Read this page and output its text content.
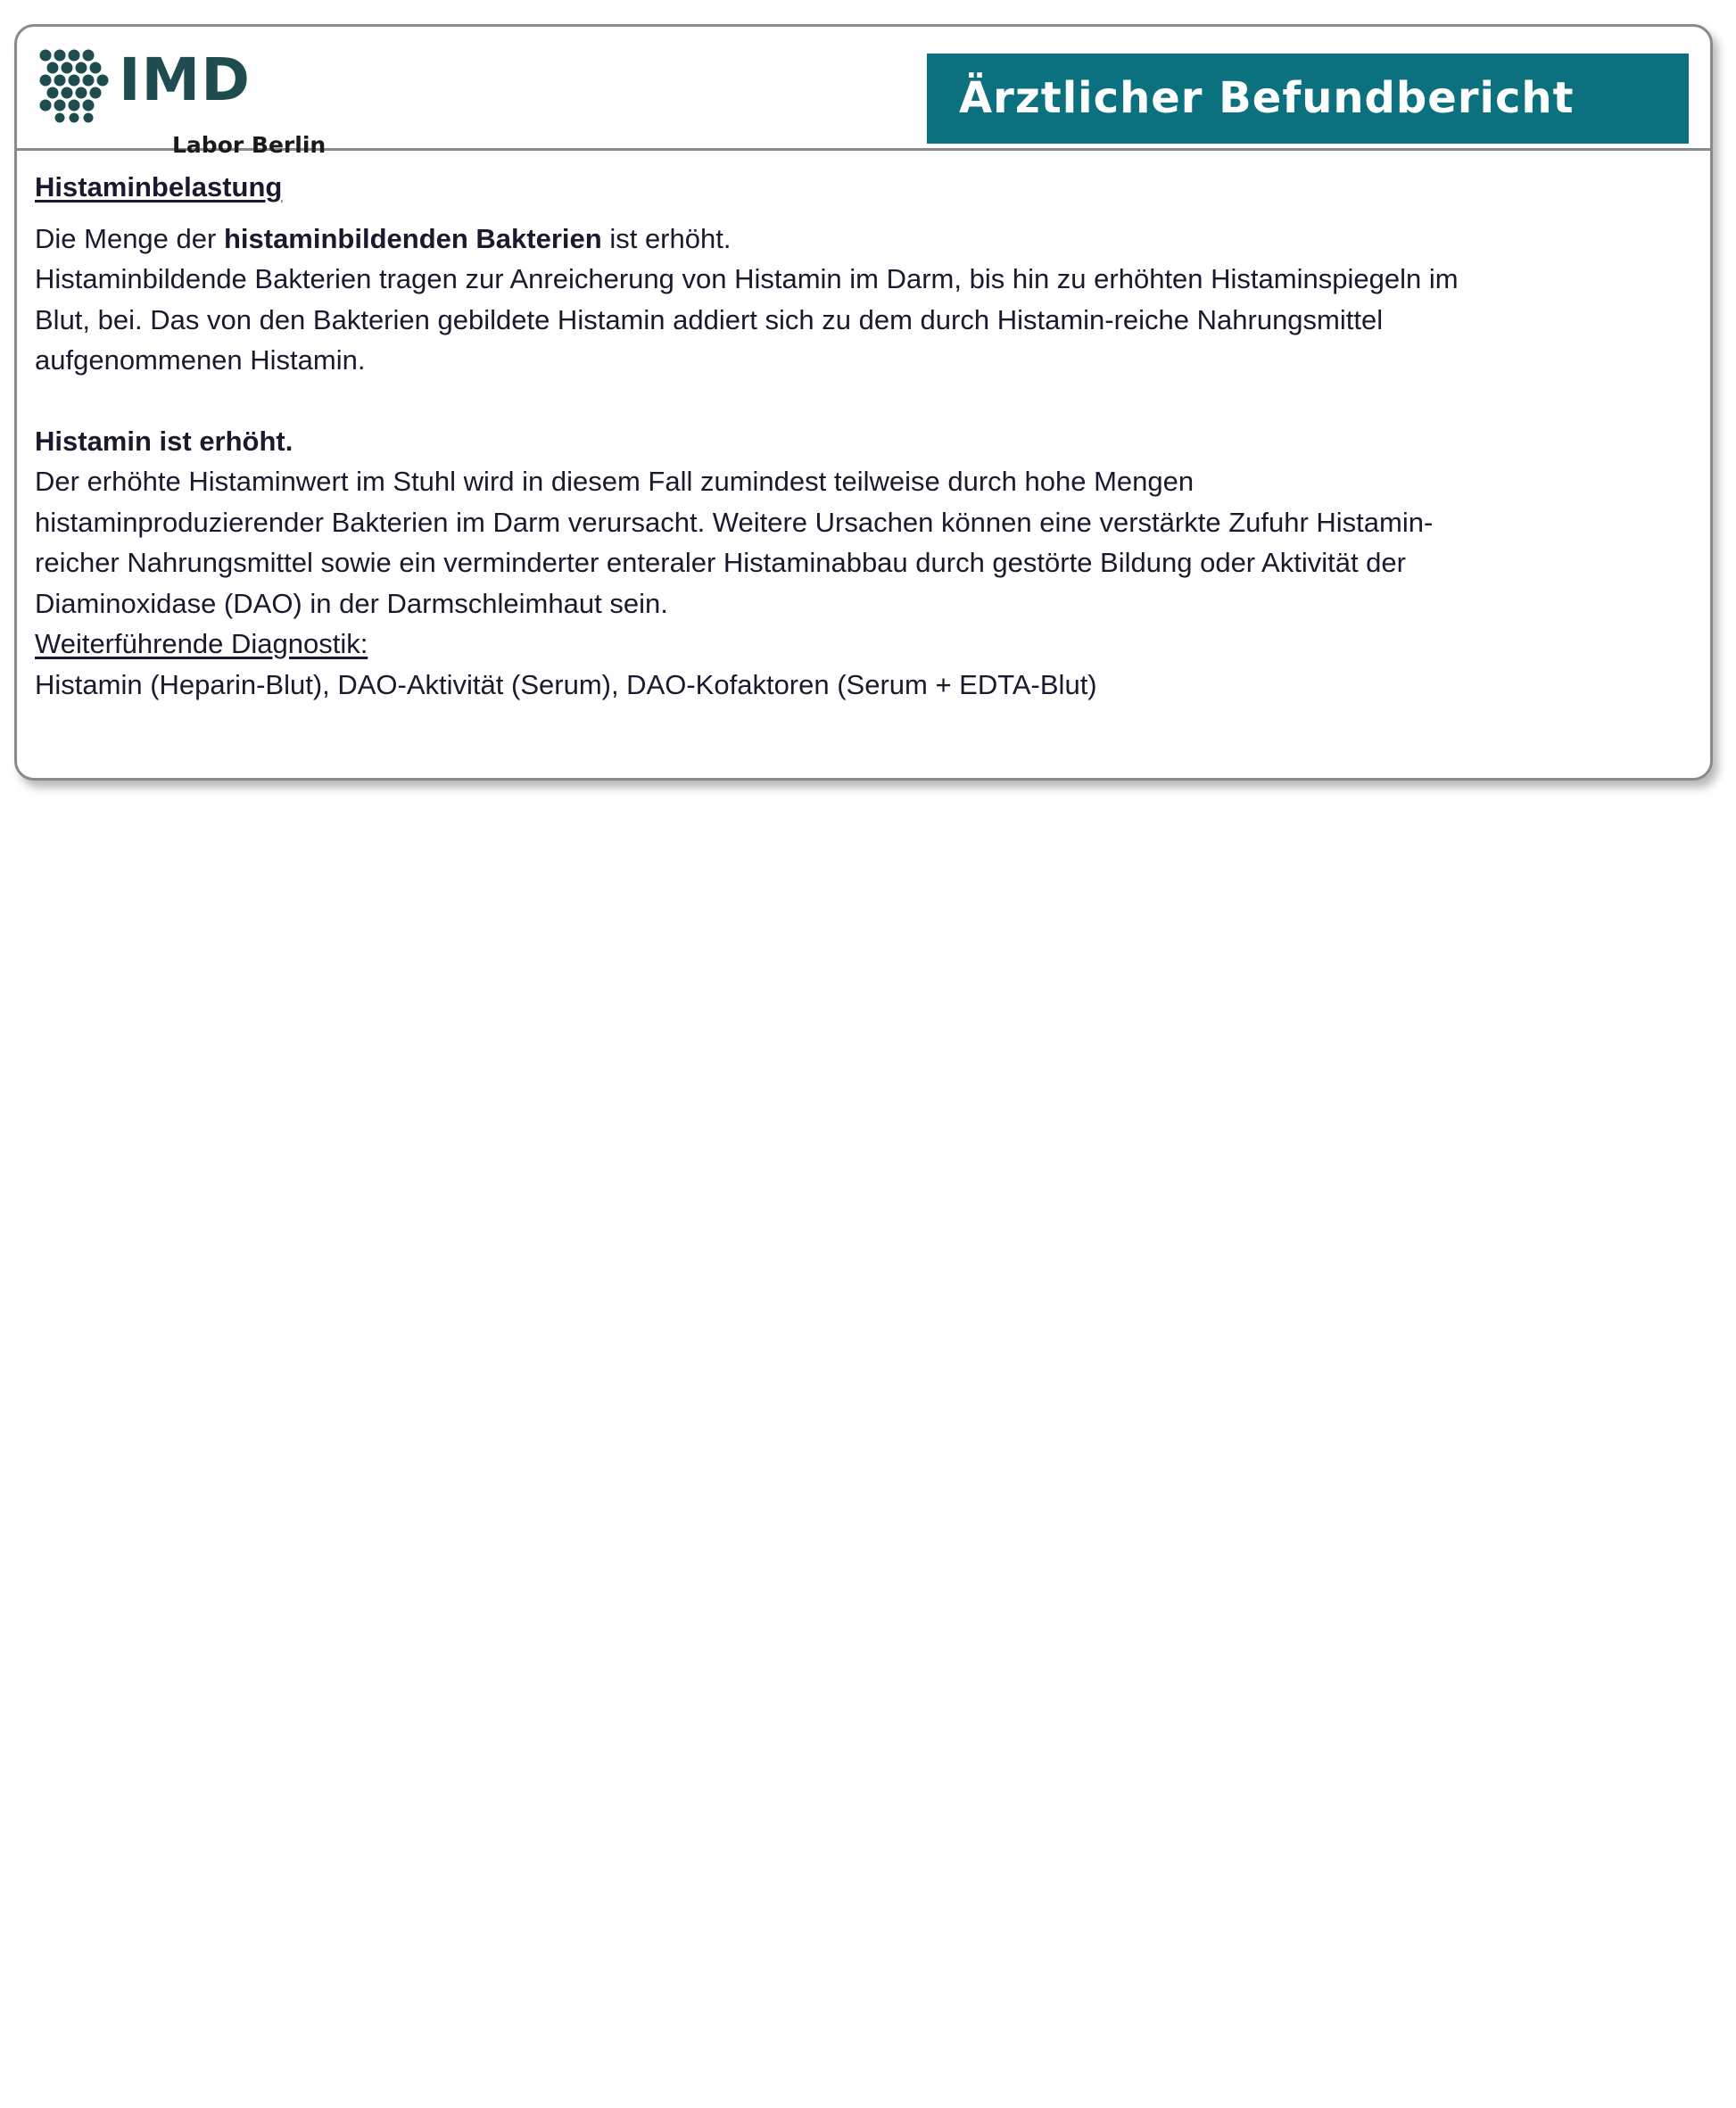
IMD
Labor Berlin
Ärztlicher Befundbericht

Histaminbelastung

Die Menge der histaminbildenden Bakterien ist erhöht.

Histaminbildende Bakterien tragen zur Anreicherung von Histamin im Darm, bis hin zu erhöhten Histaminspiegeln im

Blut, bei. Das von den Bakterien gebildete Histamin addiert sich zu dem durch Histamin-reiche Nahrungsmittel

aufgenommenen Histamin.

Histamin ist erhöht.

Der erhöhte Histaminwert im Stuhl wird in diesem Fall zumindest teilweise durch hohe Mengen

histaminproduzierender Bakterien im Darm verursacht. Weitere Ursachen können eine verstärkte Zufuhr Histamin-

reicher Nahrungsmittel sowie ein verminderter enteraler Histaminabbau durch gestörte Bildung oder Aktivität der

Diaminoxidase (DAO) in der Darmschleimhaut sein.

Weiterführende Diagnostik:

Histamin (Heparin-Blut), DAO-Aktivität (Serum), DAO-Kofaktoren (Serum + EDTA-Blut)
